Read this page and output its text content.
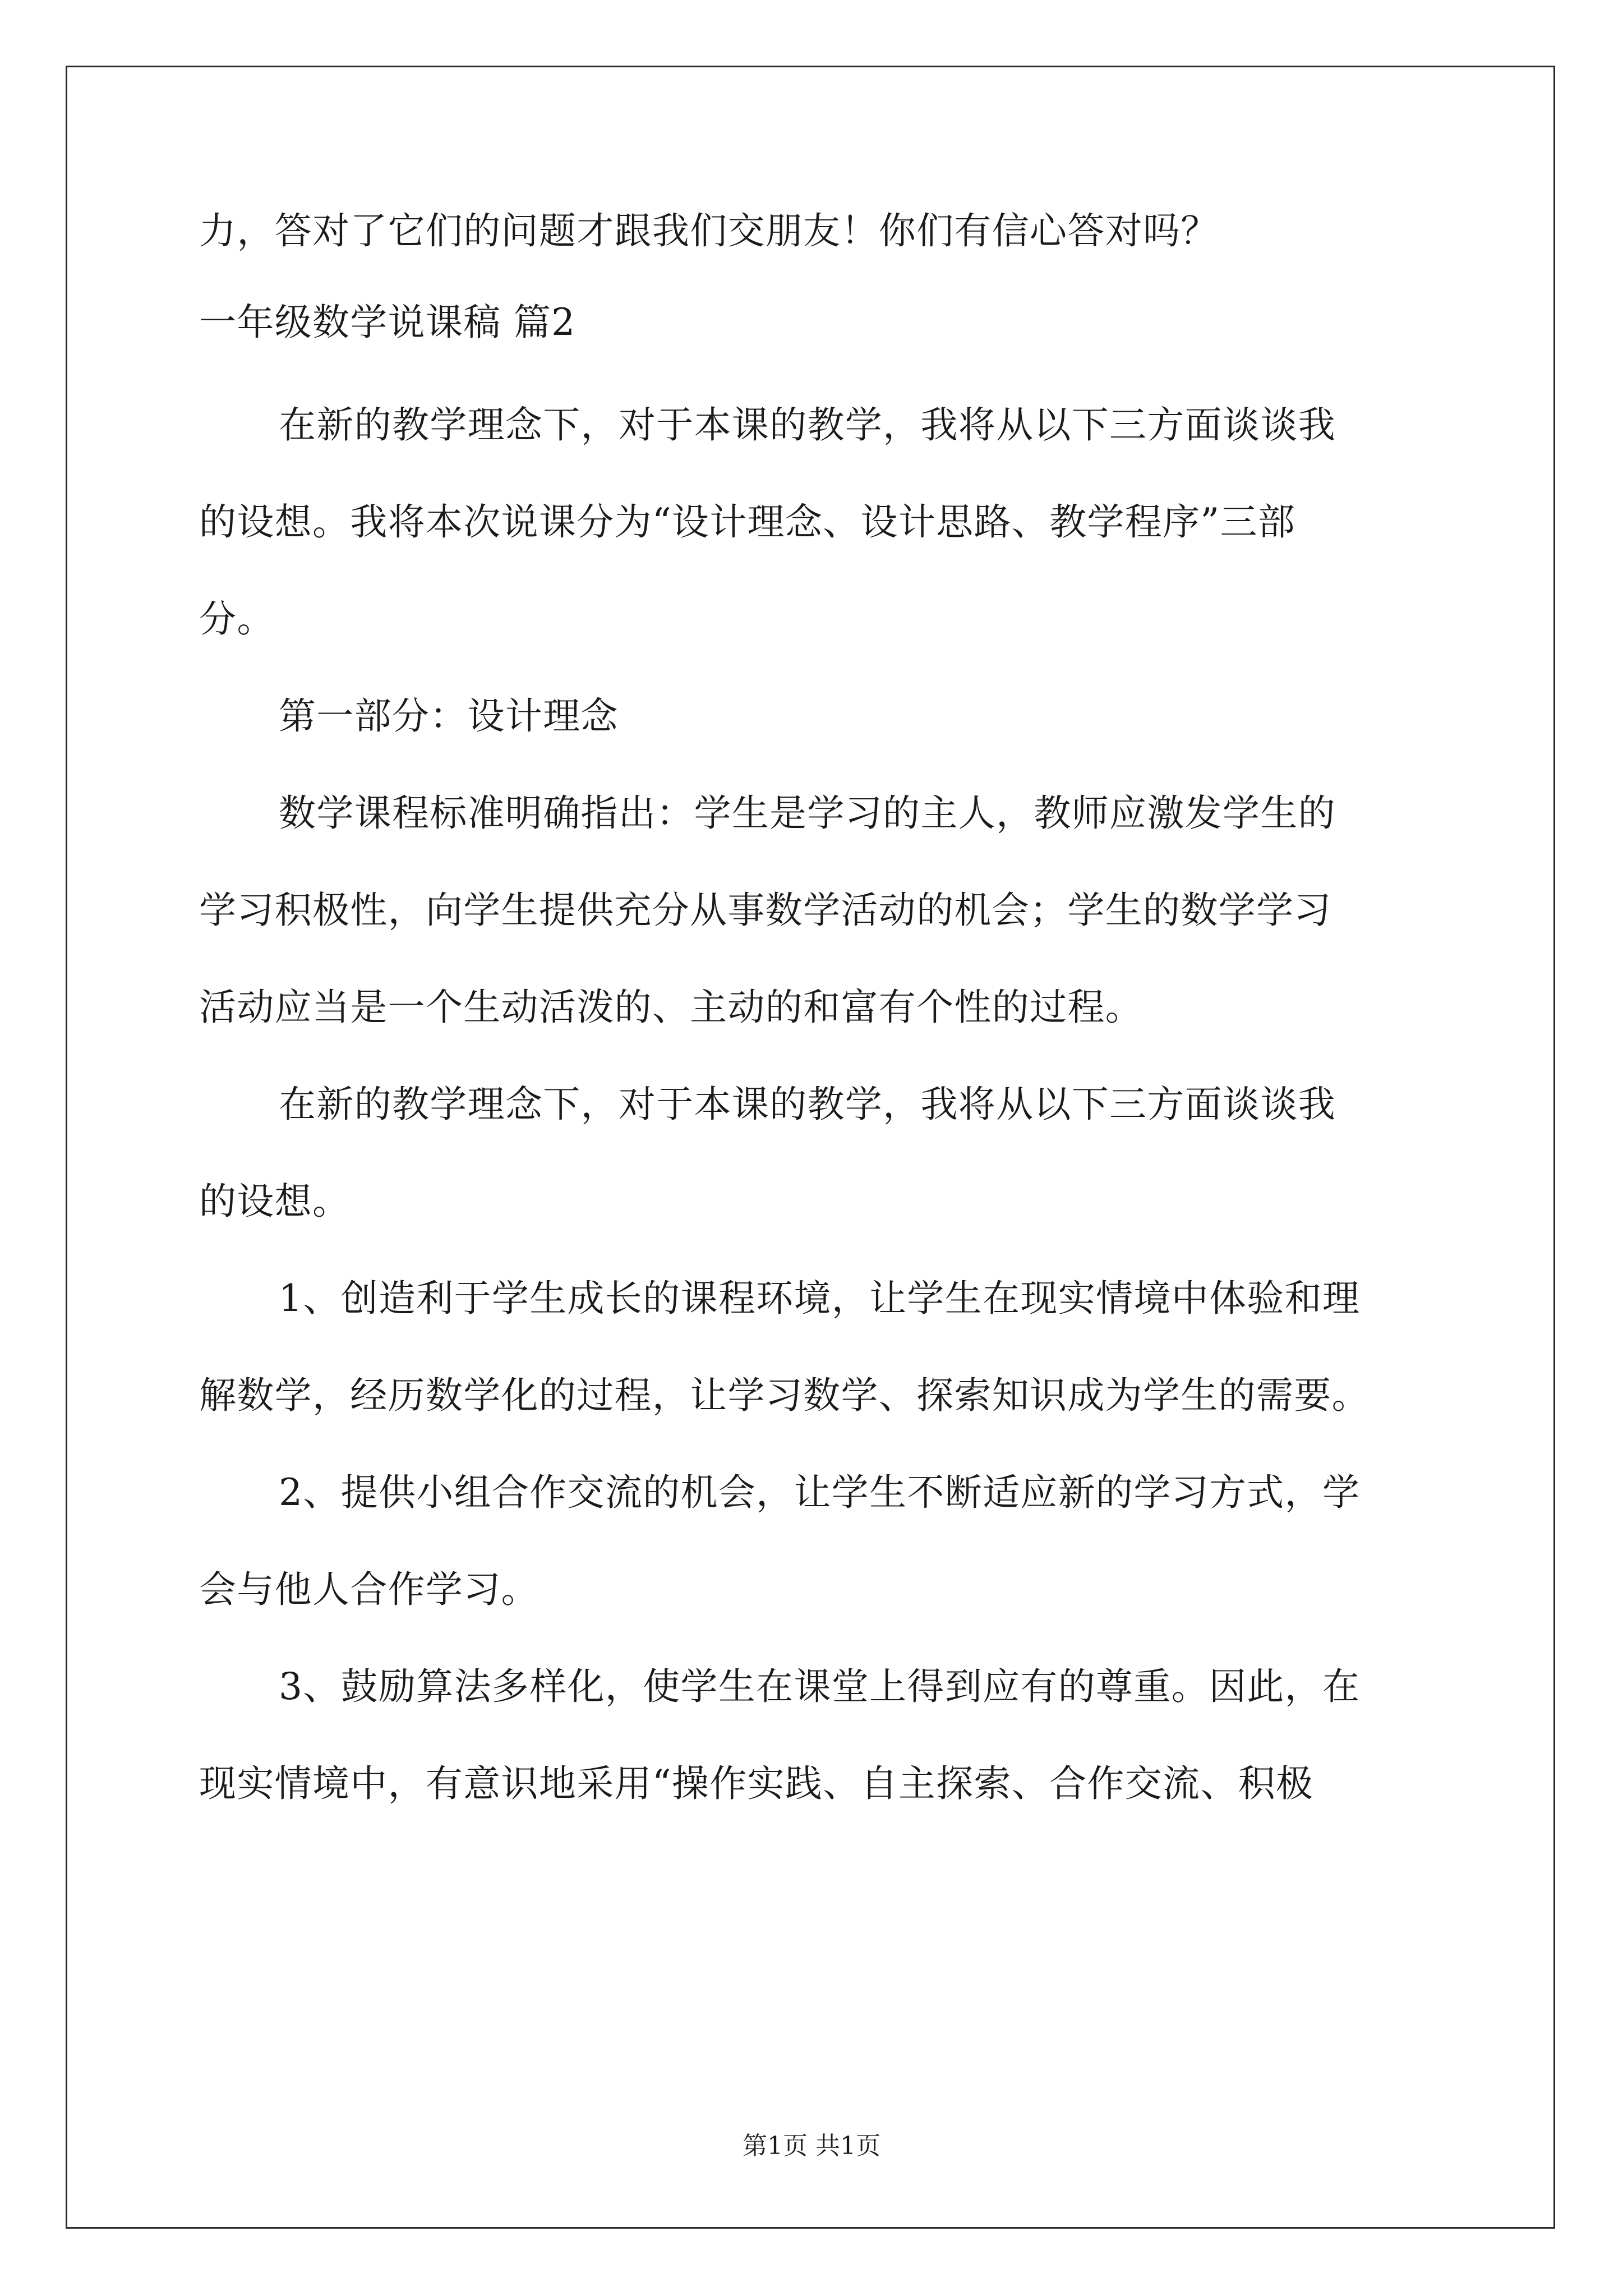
力，答对了它们的问题才跟我们交朋友！你们有信心答对吗？
一年级数学说课稿 篇2
在新的教学理念下，对于本课的教学，我将从以下三方面谈谈我
的设想。我将本次说课分为“设计理念、设计思路、教学程序”三部
分。
第一部分：设计理念
数学课程标准明确指出：学生是学习的主人，教师应激发学生的
学习积极性，向学生提供充分从事数学活动的机会；学生的数学学习
活动应当是一个生动活泼的、主动的和富有个性的过程。
在新的教学理念下，对于本课的教学，我将从以下三方面谈谈我
的设想。
1、创造利于学生成长的课程环境，让学生在现实情境中体验和理
解数学，经历数学化的过程，让学习数学、探索知识成为学生的需要。
2、提供小组合作交流的机会，让学生不断适应新的学习方式，学
会与他人合作学习。
3、鼓励算法多样化，使学生在课堂上得到应有的尊重。因此，在
现实情境中，有意识地采用“操作实践、自主探索、合作交流、积极
第1页 共1页
